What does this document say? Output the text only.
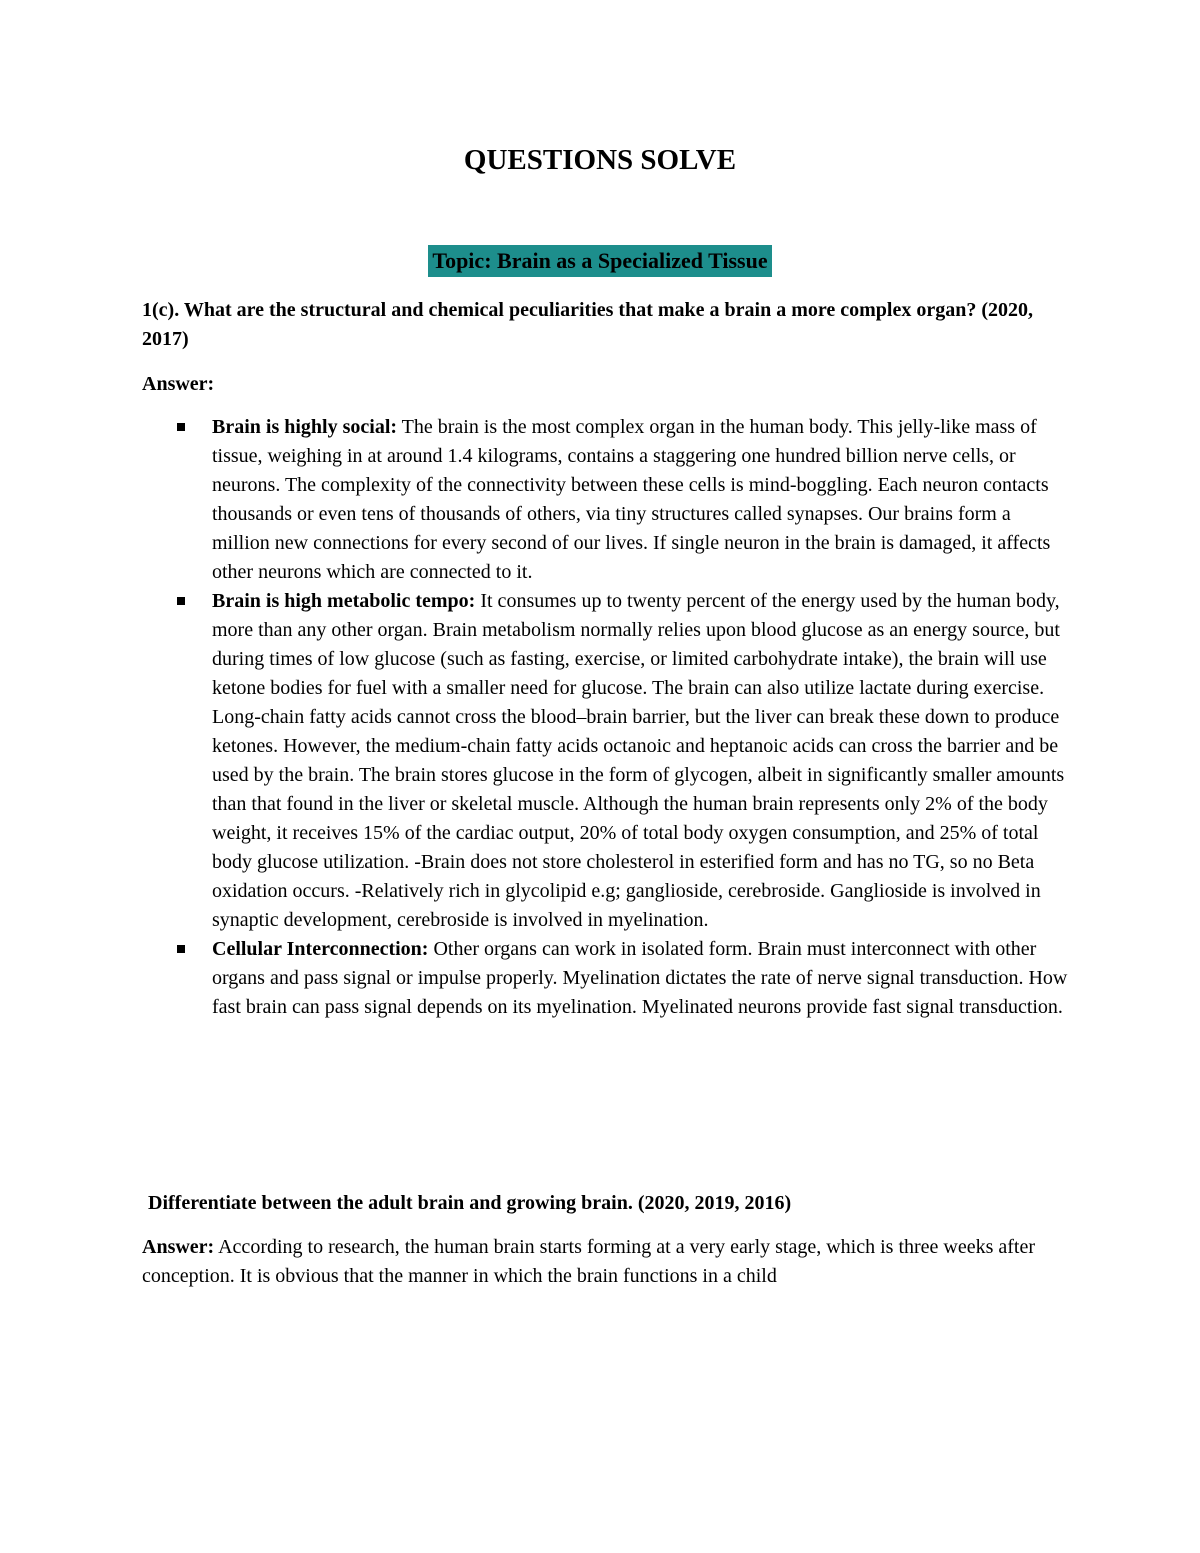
QUESTIONS SOLVE
Topic: Brain as a Specialized Tissue

1(c). What are the structural and chemical peculiarities that make a brain a more complex organ? (2020, 2017)

Answer:

Brain is highly social: The brain is the most complex organ in the human body. This jelly-like mass of tissue, weighing in at around 1.4 kilograms, contains a staggering one hundred billion nerve cells, or neurons. The complexity of the connectivity between these cells is mind-boggling. Each neuron contacts thousands or even tens of thousands of others, via tiny structures called synapses. Our brains form a million new connections for every second of our lives. If single neuron in the brain is damaged, it affects other neurons which are connected to it.
Brain is high metabolic tempo: It consumes up to twenty percent of the energy used by the human body, more than any other organ. Brain metabolism normally relies upon blood glucose as an energy source, but during times of low glucose (such as fasting, exercise, or limited carbohydrate intake), the brain will use ketone bodies for fuel with a smaller need for glucose. The brain can also utilize lactate during exercise. Long-chain fatty acids cannot cross the blood–brain barrier, but the liver can break these down to produce ketones. However, the medium-chain fatty acids octanoic and heptanoic acids can cross the barrier and be used by the brain. The brain stores glucose in the form of glycogen, albeit in significantly smaller amounts than that found in the liver or skeletal muscle. Although the human brain represents only 2% of the body weight, it receives 15% of the cardiac output, 20% of total body oxygen consumption, and 25% of total body glucose utilization. -Brain does not store cholesterol in esterified form and has no TG, so no Beta oxidation occurs. -Relatively rich in glycolipid e.g; ganglioside, cerebroside. Ganglioside is involved in synaptic development, cerebroside is involved in myelination.
Cellular Interconnection: Other organs can work in isolated form. Brain must interconnect with other organs and pass signal or impulse properly. Myelination dictates the rate of nerve signal transduction. How fast brain can pass signal depends on its myelination. Myelinated neurons provide fast signal transduction.

Differentiate between the adult brain and growing brain. (2020, 2019, 2016)

Answer: According to research, the human brain starts forming at a very early stage, which is three weeks after conception. It is obvious that the manner in which the brain functions in a child
